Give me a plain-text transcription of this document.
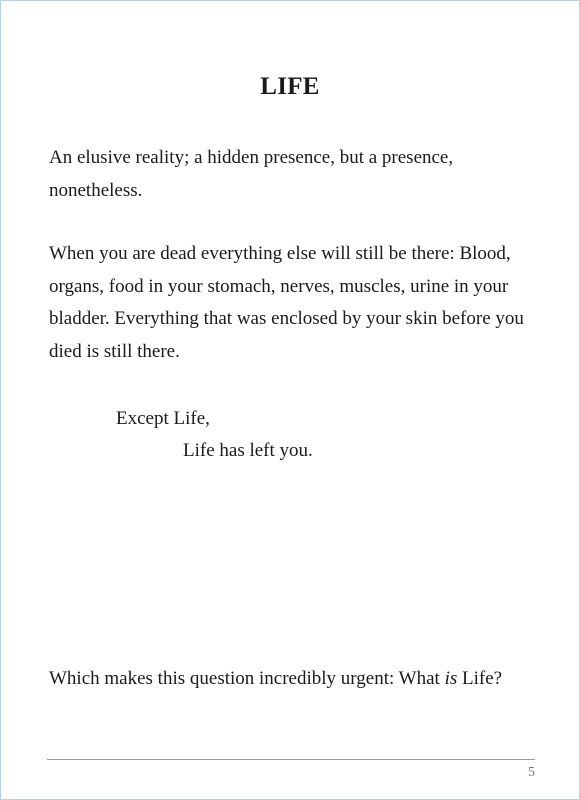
LIFE

An elusive reality; a hidden presence, but a presence, nonetheless.

When you are dead everything else will still be there: Blood, organs, food in your stomach, nerves, muscles, urine in your bladder. Everything that was enclosed by your skin before you died is still there.

Except Life,
Life has left you.

Which makes this question incredibly urgent: What is Life?

5
